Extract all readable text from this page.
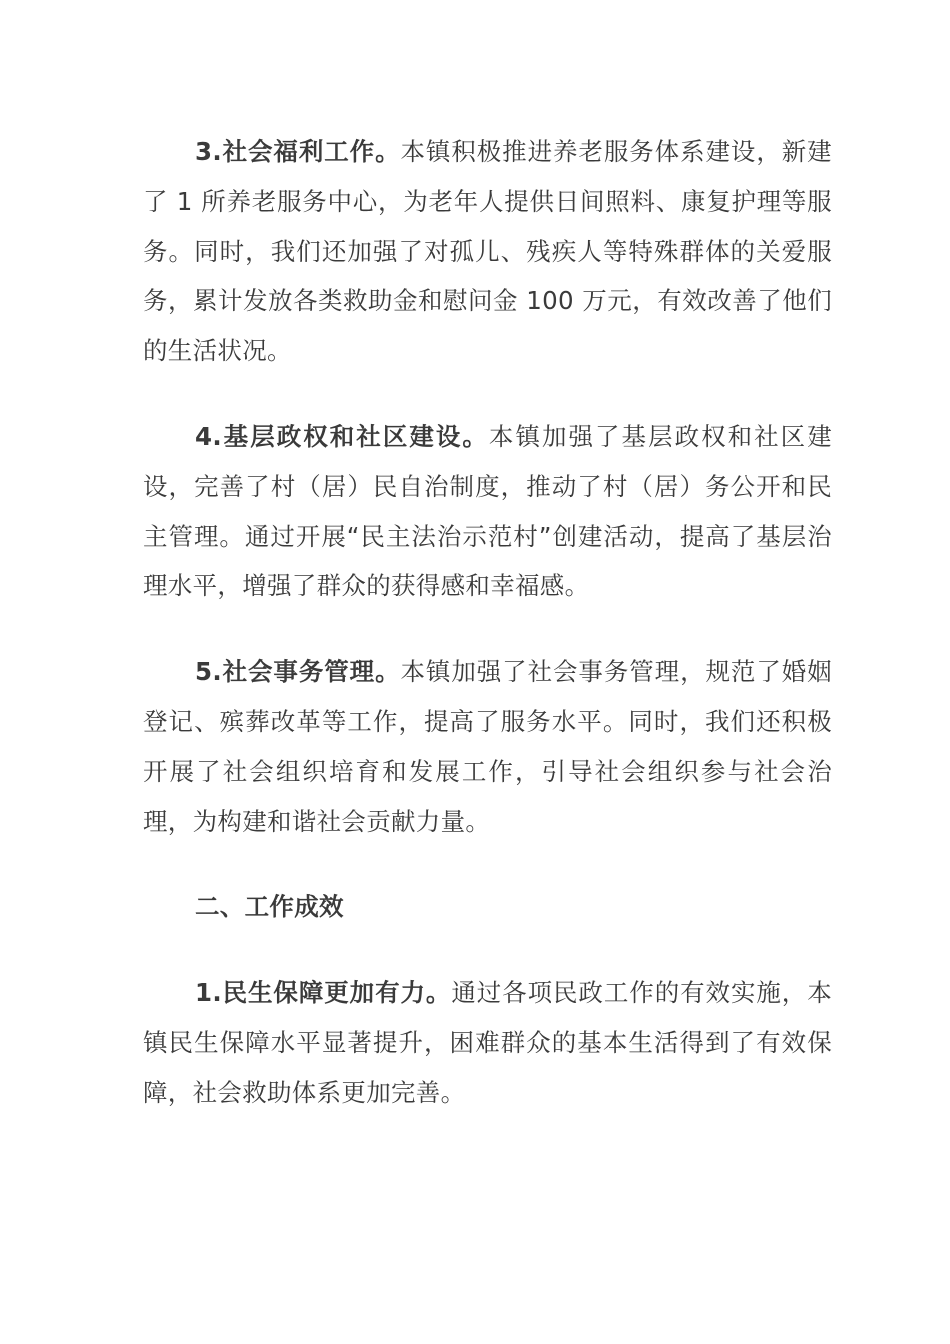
3.社会福利工作。本镇积极推进养老服务体系建设，新建了 1 所养老服务中心，为老年人提供日间照料、康复护理等服务。同时，我们还加强了对孤儿、残疾人等特殊群体的关爱服务，累计发放各类救助金和慰问金 100 万元，有效改善了他们的生活状况。

4.基层政权和社区建设。本镇加强了基层政权和社区建设，完善了村（居）民自治制度，推动了村（居）务公开和民主管理。通过开展“民主法治示范村”创建活动，提高了基层治理水平，增强了群众的获得感和幸福感。

5.社会事务管理。本镇加强了社会事务管理，规范了婚姻登记、殡葬改革等工作，提高了服务水平。同时，我们还积极开展了社会组织培育和发展工作，引导社会组织参与社会治理，为构建和谐社会贡献力量。

二、工作成效

1.民生保障更加有力。通过各项民政工作的有效实施，本镇民生保障水平显著提升，困难群众的基本生活得到了有效保障，社会救助体系更加完善。
